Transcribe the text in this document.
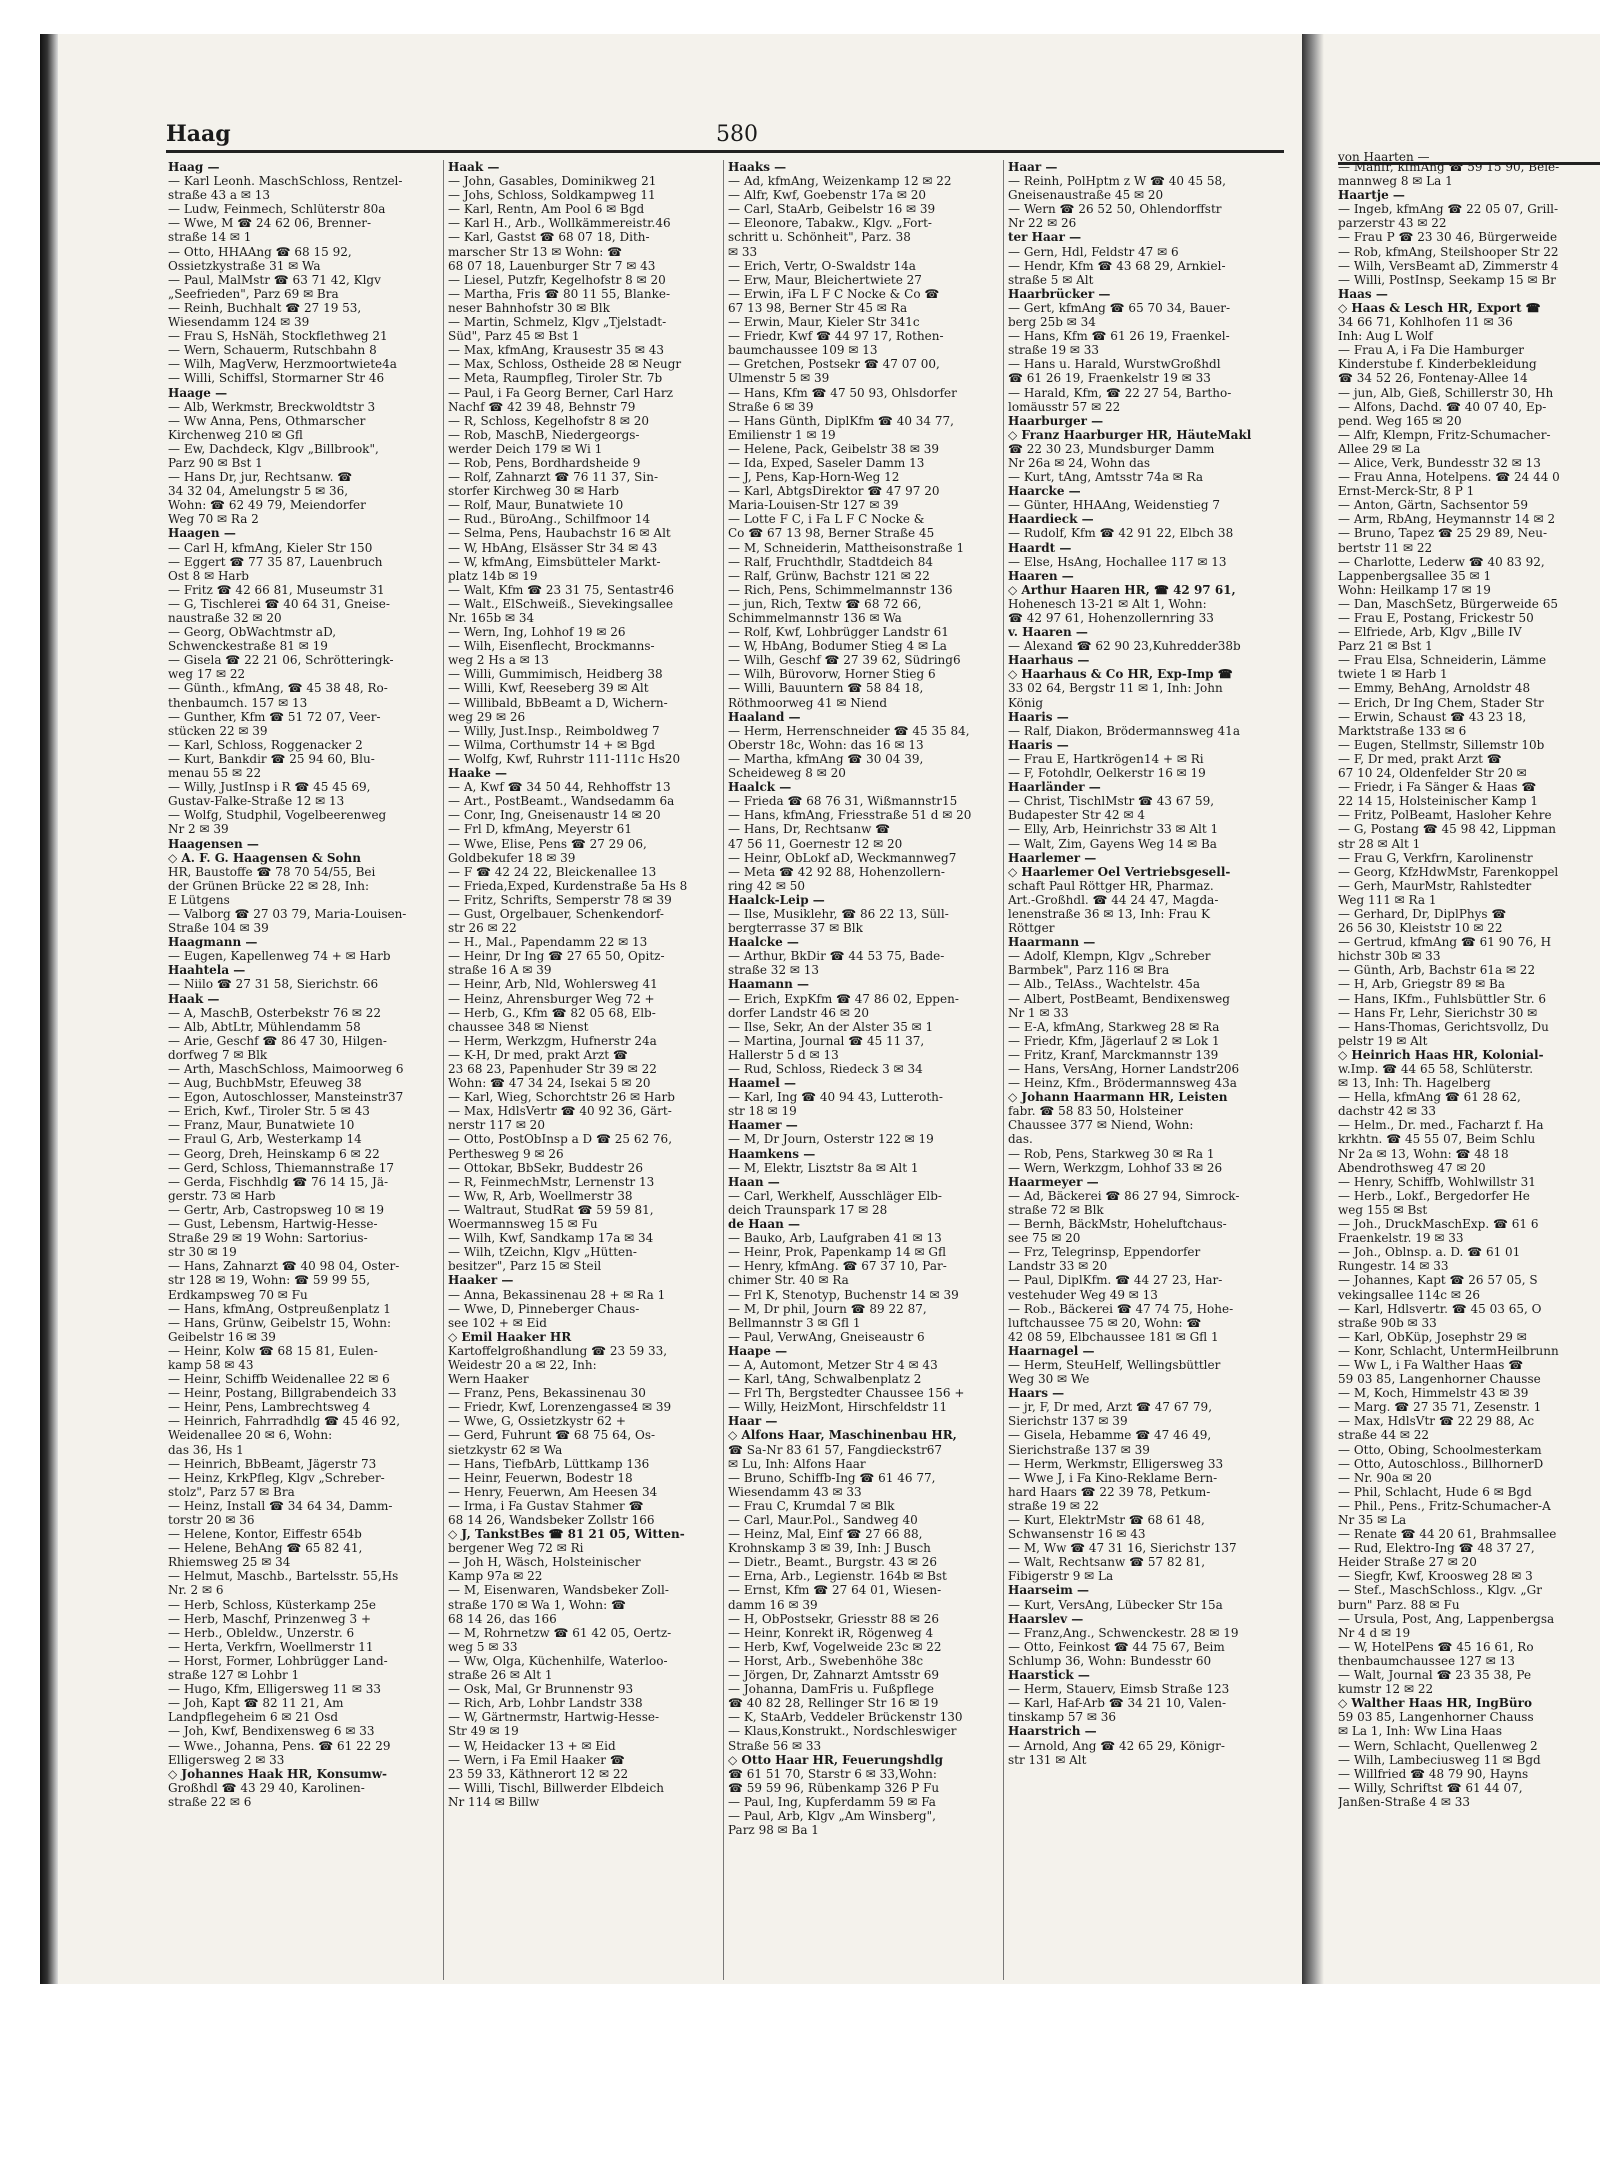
Haag	580
Haag —
— Karl Leonh. MaschSchloss, Rentzel-
straße 43 a ✉ 13
— Ludw, Feinmech, Schlüterstr 80a
— Wwe, M ☎ 24 62 06, Brenner-
straße 14 ✉ 1
— Otto, HHAAng ☎ 68 15 92,
Ossietzkystraße 31 ✉ Wa
— Paul, MalMstr ☎ 63 71 42, Klgv
„Seefrieden", Parz 69 ✉ Bra
— Reinh, Buchhalt ☎ 27 19 53,
Wiesendamm 124 ✉ 39
— Frau S, HsNäh, Stockflethweg 21
— Wern, Schauerm, Rutschbahn 8
— Wilh, MagVerw, Herzmoortwiete4a
— Willi, Schiffsl, Stormarner Str 46
Haage —
— Alb, Werkmstr, Breckwoldtstr 3
— Ww Anna, Pens, Othmarscher
Kirchenweg 210 ✉ Gfl
— Ew, Dachdeck, Klgv „Billbrook",
Parz 90 ✉ Bst 1
— Hans Dr, jur, Rechtsanw. ☎
34 32 04, Amelungstr 5 ✉ 36,
Wohn: ☎ 62 49 79, Meiendorfer
Weg 70 ✉ Ra 2
Haagen —
— Carl H, kfmAng, Kieler Str 150
— Eggert ☎ 77 35 87, Lauenbruch
Ost 8 ✉ Harb
— Fritz ☎ 42 66 81, Museumstr 31
— G, Tischlerei ☎ 40 64 31, Gneise-
naustraße 32 ✉ 20
— Georg, ObWachtmstr aD,
Schwenckestraße 81 ✉ 19
— Gisela ☎ 22 21 06, Schrötteringk-
weg 17 ✉ 22
— Günth., kfmAng, ☎ 45 38 48, Ro-
thenbaumch. 157 ✉ 13
— Gunther, Kfm ☎ 51 72 07, Veer-
stücken 22 ✉ 39
— Karl, Schloss, Roggenacker 2
— Kurt, Bankdir ☎ 25 94 60, Blu-
menau 55 ✉ 22
— Willy, JustInsp i R ☎ 45 45 69,
Gustav-Falke-Straße 12 ✉ 13
— Wolfg, Studphil, Vogelbeerenweg
Nr 2 ✉ 39
Haagensen —
◇ A. F. G. Haagensen & Sohn
HR, Baustoffe ☎ 78 70 54/55, Bei
der Grünen Brücke 22 ✉ 28, Inh:
E Lütgens
— Valborg ☎ 27 03 79, Maria-Louisen-
Straße 104 ✉ 39
Haagmann —
— Eugen, Kapellenweg 74 + ✉ Harb
Haahtela —
— Niilo ☎ 27 31 58, Sierichstr. 66
Haak —
— A, MaschB, Osterbekstr 76 ✉ 22
— Alb, AbtLtr, Mühlendamm 58
— Arie, Geschf ☎ 86 47 30, Hilgen-
dorfweg 7 ✉ Blk
— Arth, MaschSchloss, Maimoorweg 6
— Aug, BuchbMstr, Efeuweg 38
— Egon, Autoschlosser, Mansteinstr37
— Erich, Kwf., Tiroler Str. 5 ✉ 43
— Franz, Maur, Bunatwiete 10
— Fraul G, Arb, Westerkamp 14
— Georg, Dreh, Heinskamp 6 ✉ 22
— Gerd, Schloss, Thiemannstraße 17
— Gerda, Fischhdlg ☎ 76 14 15, Jä-
gerstr. 73 ✉ Harb
— Gertr, Arb, Castropsweg 10 ✉ 19
— Gust, Lebensm, Hartwig-Hesse-
Straße 29 ✉ 19 Wohn: Sartorius-
str 30 ✉ 19
— Hans, Zahnarzt ☎ 40 98 04, Oster-
str 128 ✉ 19, Wohn: ☎ 59 99 55,
Erdkampsweg 70 ✉ Fu
— Hans, kfmAng, Ostpreußenplatz 1
— Hans, Grünw, Geibelstr 15, Wohn:
Geibelstr 16 ✉ 39
— Heinr, Kolw ☎ 68 15 81, Eulen-
kamp 58 ✉ 43
— Heinr, Schiffb Weidenallee 22 ✉ 6
— Heinr, Postang, Billgrabendeich 33
— Heinr, Pens, Lambrechtsweg 4
— Heinrich, Fahrradhdlg ☎ 45 46 92,
Weidenallee 20 ✉ 6, Wohn:
das 36, Hs 1
— Heinrich, BbBeamt, Jägerstr 73
— Heinz, KrkPfleg, Klgv „Schreber-
stolz", Parz 57 ✉ Bra
— Heinz, Install ☎ 34 64 34, Damm-
torstr 20 ✉ 36
— Helene, Kontor, Eiffestr 654b
— Helene, BehAng ☎ 65 82 41,
Rhiemsweg 25 ✉ 34
— Helmut, Maschb., Bartelsstr. 55,Hs
Nr. 2 ✉ 6
— Herb, Schloss, Küsterkamp 25e
— Herb, Maschf, Prinzenweg 3 +
— Herb., Obleldw., Unzerstr. 6
— Herta, Verkfrn, Woellmerstr 11
— Horst, Former, Lohbrügger Land-
straße 127 ✉ Lohbr 1
— Hugo, Kfm, Elligersweg 11 ✉ 33
— Joh, Kapt ☎ 82 11 21, Am
Landpflegeheim 6 ✉ 21 Osd
— Joh, Kwf, Bendixensweg 6 ✉ 33
— Wwe., Johanna, Pens. ☎ 61 22 29
Elligersweg 2 ✉ 33
◇ Johannes Haak HR, Konsumw-
Großhdl ☎ 43 29 40, Karolinen-
straße 22 ✉ 6
Haak —
— John, Gasables, Dominikweg 21
— Johs, Schloss, Soldkampweg 11
— Karl, Rentn, Am Pool 6 ✉ Bgd
— Karl H., Arb., Wollkämmereistr.46
— Karl, Gastst ☎ 68 07 18, Dith-
marscher Str 13 ✉ Wohn: ☎
68 07 18, Lauenburger Str 7 ✉ 43
— Liesel, Putzfr, Kegelhofstr 8 ✉ 20
— Martha, Fris ☎ 80 11 55, Blanke-
neser Bahnhofstr 30 ✉ Blk
— Martin, Schmelz, Klgv „Tjelstadt-
Süd", Parz 45 ✉ Bst 1
— Max, kfmAng, Krausestr 35 ✉ 43
— Max, Schloss, Ostheide 28 ✉ Neugr
— Meta, Raumpfleg, Tiroler Str. 7b
— Paul, i Fa Georg Berner, Carl Harz
Nachf ☎ 42 39 48, Behnstr 79
— R, Schloss, Kegelhofstr 8 ✉ 20
— Rob, MaschB, Niedergeorgs-
werder Deich 179 ✉ Wi 1
— Rob, Pens, Bordhardsheide 9
— Rolf, Zahnarzt ☎ 76 11 37, Sin-
storfer Kirchweg 30 ✉ Harb
— Rolf, Maur, Bunatwiete 10
— Rud., BüroAng., Schilfmoor 14
— Selma, Pens, Haubachstr 16 ✉ Alt
— W, HbAng, Elsässer Str 34 ✉ 43
— W, kfmAng, Eimsbütteler Markt-
platz 14b ✉ 19
— Walt, Kfm ☎ 23 31 75, Sentastr46
— Walt., ElSchweiß., Sievekingsallee
Nr. 165b ✉ 34
— Wern, Ing, Lohhof 19 ✉ 26
— Wilh, Eisenflecht, Brockmanns-
weg 2 Hs a ✉ 13
— Willi, Gummimisch, Heidberg 38
— Willi, Kwf, Reeseberg 39 ✉ Alt
— Willibald, BbBeamt a D, Wichern-
weg 29 ✉ 26
— Willy, Just.Insp., Reimboldweg 7
— Wilma, Corthumstr 14 + ✉ Bgd
— Wolfg, Kwf, Ruhrstr 111-111c Hs20
Haake —
— A, Kwf ☎ 34 50 44, Rehhoffstr 13
— Art., PostBeamt., Wandsedamm 6a
— Conr, Ing, Gneisenaustr 14 ✉ 20
— Frl D, kfmAng, Meyerstr 61
— Wwe, Elise, Pens ☎ 27 29 06,
Goldbekufer 18 ✉ 39
— F ☎ 42 24 22, Bleickenallee 13
— Frieda,Exped, Kurdenstraße 5a Hs 8
— Fritz, Schrifts, Semperstr 78 ✉ 39
— Gust, Orgelbauer, Schenkendorf-
str 26 ✉ 22
— H., Mal., Papendamm 22 ✉ 13
— Heinr, Dr Ing ☎ 27 65 50, Opitz-
straße 16 A ✉ 39
— Heinr, Arb, Nld, Wohlersweg 41
— Heinz, Ahrensburger Weg 72 +
— Herb, G., Kfm ☎ 82 05 68, Elb-
chaussee 348 ✉ Nienst
— Herm, Werkzgm, Hufnerstr 24a
— K-H, Dr med, prakt Arzt ☎
23 68 23, Papenhuder Str 39 ✉ 22
Wohn: ☎ 47 34 24, Isekai 5 ✉ 20
— Karl, Wieg, Schorchtstr 26 ✉ Harb
— Max, HdlsVertr ☎ 40 92 36, Gärt-
nerstr 117 ✉ 20
— Otto, PostObInsp a D ☎ 25 62 76,
Perthesweg 9 ✉ 26
— Ottokar, BbSekr, Buddestr 26
— R, FeinmechMstr, Lernenstr 13
— Ww, R, Arb, Woellmerstr 38
— Waltraut, StudRat ☎ 59 59 81,
Woermannsweg 15 ✉ Fu
— Wilh, Kwf, Sandkamp 17a ✉ 34
— Wilh, tZeichn, Klgv „Hütten-
besitzer", Parz 15 ✉ Steil
Haaker —
— Anna, Bekassinenau 28 + ✉ Ra 1
— Wwe, D, Pinneberger Chaus-
see 102 + ✉ Eid
◇ Emil Haaker HR
Kartoffelgroßhandlung ☎ 23 59 33,
Weidestr 20 a ✉ 22, Inh:
Wern Haaker
— Franz, Pens, Bekassinenau 30
— Friedr, Kwf, Lorenzengasse4 ✉ 39
— Wwe, G, Ossietzkystr 62 +
— Gerd, Fuhrunt ☎ 68 75 64, Os-
sietzkystr 62 ✉ Wa
— Hans, TiefbArb, Lüttkamp 136
— Heinr, Feuerwn, Bodestr 18
— Henry, Feuerwn, Am Heesen 34
— Irma, i Fa Gustav Stahmer ☎
68 14 26, Wandsbeker Zollstr 166
◇ J, TankstBes ☎ 81 21 05, Witten-
bergener Weg 72 ✉ Ri
— Joh H, Wäsch, Holsteinischer
Kamp 97a ✉ 22
— M, Eisenwaren, Wandsbeker Zoll-
straße 170 ✉ Wa 1, Wohn: ☎
68 14 26, das 166
— M, Rohrnetzw ☎ 61 42 05, Oertz-
weg 5 ✉ 33
— Ww, Olga, Küchenhilfe, Waterloo-
straße 26 ✉ Alt 1
— Osk, Mal, Gr Brunnenstr 93
— Rich, Arb, Lohbr Landstr 338
— W, Gärtnermstr, Hartwig-Hesse-
Str 49 ✉ 19
— W, Heidacker 13 + ✉ Eid
— Wern, i Fa Emil Haaker ☎
23 59 33, Käthnerort 12 ✉ 22
— Willi, Tischl, Billwerder Elbdeich
Nr 114 ✉ Billw
Haaks —
— Ad, kfmAng, Weizenkamp 12 ✉ 22
— Alfr, Kwf, Goebenstr 17a ✉ 20
— Carl, StaArb, Geibelstr 16 ✉ 39
— Eleonore, Tabakw., Klgv. „Fort-
schritt u. Schönheit", Parz. 38
✉ 33
— Erich, Vertr, O-Swaldstr 14a
— Erw, Maur, Bleichertwiete 27
— Erwin, iFa L F C Nocke & Co ☎
67 13 98, Berner Str 45 ✉ Ra
— Erwin, Maur, Kieler Str 341c
— Friedr, Kwf ☎ 44 97 17, Rothen-
baumchaussee 109 ✉ 13
— Gretchen, Postsekr ☎ 47 07 00,
Ulmenstr 5 ✉ 39
— Hans, Kfm ☎ 47 50 93, Ohlsdorfer
Straße 6 ✉ 39
— Hans Günth, DiplKfm ☎ 40 34 77,
Emilienstr 1 ✉ 19
— Helene, Pack, Geibelstr 38 ✉ 39
— Ida, Exped, Saseler Damm 13
— J, Pens, Kap-Horn-Weg 12
— Karl, AbtgsDirektor ☎ 47 97 20
Maria-Louisen-Str 127 ✉ 39
— Lotte F C, i Fa L F C Nocke &
Co ☎ 67 13 98, Berner Straße 45
— M, Schneiderin, Mattheisonstraße 1
— Ralf, Fruchthdlr, Stadtdeich 84
— Ralf, Grünw, Bachstr 121 ✉ 22
— Rich, Pens, Schimmelmannstr 136
— jun, Rich, Textw ☎ 68 72 66,
Schimmelmannstr 136 ✉ Wa
— Rolf, Kwf, Lohbrügger Landstr 61
— W, HbAng, Bodumer Stieg 4 ✉ La
— Wilh, Geschf ☎ 27 39 62, Südring6
— Wilh, Bürovorw, Horner Stieg 6
— Willi, Bauuntern ☎ 58 84 18,
Röthmoorweg 41 ✉ Niend
Haaland —
— Herm, Herrenschneider ☎ 45 35 84,
Oberstr 18c, Wohn: das 16 ✉ 13
— Martha, kfmAng ☎ 30 04 39,
Scheideweg 8 ✉ 20
Haalck —
— Frieda ☎ 68 76 31, Wißmannstr15
— Hans, kfmAng, Friesstraße 51 d ✉ 20
— Hans, Dr, Rechtsanw ☎
47 56 11, Goernestr 12 ✉ 20
— Heinr, ObLokf aD, Weckmannweg7
— Meta ☎ 42 92 88, Hohenzollern-
ring 42 ✉ 50
Haalck-Leip —
— Ilse, Musiklehr, ☎ 86 22 13, Süll-
bergterrasse 37 ✉ Blk
Haalcke —
— Arthur, BkDir ☎ 44 53 75, Bade-
straße 32 ✉ 13
Haamann —
— Erich, ExpKfm ☎ 47 86 02, Eppen-
dorfer Landstr 46 ✉ 20
— Ilse, Sekr, An der Alster 35 ✉ 1
— Martina, Journal ☎ 45 11 37,
Hallerstr 5 d ✉ 13
— Rud, Schloss, Riedeck 3 ✉ 34
Haamel —
— Karl, Ing ☎ 40 94 43, Lutteroth-
str 18 ✉ 19
Haamer —
— M, Dr Journ, Osterstr 122 ✉ 19
Haamkens —
— M, Elektr, Lisztstr 8a ✉ Alt 1
Haan —
— Carl, Werkhelf, Ausschläger Elb-
deich Traunspark 17 ✉ 28
de Haan —
— Bauko, Arb, Laufgraben 41 ✉ 13
— Heinr, Prok, Papenkamp 14 ✉ Gfl
— Henry, kfmAng. ☎ 67 37 10, Par-
chimer Str. 40 ✉ Ra
— Frl K, Stenotyp, Buchenstr 14 ✉ 39
— M, Dr phil, Journ ☎ 89 22 87,
Bellmannstr 3 ✉ Gfl 1
— Paul, VerwAng, Gneiseaustr 6
Haape —
— A, Automont, Metzer Str 4 ✉ 43
— Karl, tAng, Schwalbenplatz 2
— Frl Th, Bergstedter Chaussee 156 +
— Willy, HeizMont, Hirschfeldstr 11
Haar —
◇ Alfons Haar, Maschinenbau HR,
☎ Sa-Nr 83 61 57, Fangdieckstr67
✉ Lu, Inh: Alfons Haar
— Bruno, Schiffb-Ing ☎ 61 46 77,
Wiesendamm 43 ✉ 33
— Frau C, Krumdal 7 ✉ Blk
— Carl, Maur.Pol., Sandweg 40
— Heinz, Mal, Einf ☎ 27 66 88,
Krohnskamp 3 ✉ 39, Inh: J Busch
— Dietr., Beamt., Burgstr. 43 ✉ 26
— Erna, Arb., Legienstr. 164b ✉ Bst
— Ernst, Kfm ☎ 27 64 01, Wiesen-
damm 16 ✉ 39
— H, ObPostsekr, Griesstr 88 ✉ 26
— Heinr, Konrekt iR, Rögenweg 4
— Herb, Kwf, Vogelweide 23c ✉ 22
— Horst, Arb., Swebenhöhe 38c
— Jörgen, Dr, Zahnarzt Amtsstr 69
— Johanna, DamFris u. Fußpflege
☎ 40 82 28, Rellinger Str 16 ✉ 19
— K, StaArb, Veddeler Brückenstr 130
— Klaus,Konstrukt., Nordschleswiger
Straße 56 ✉ 33
◇ Otto Haar HR, Feuerungshdlg
☎ 61 51 70, Starstr 6 ✉ 33,Wohn:
☎ 59 59 96, Rübenkamp 326 P Fu
— Paul, Ing, Kupferdamm 59 ✉ Fa
— Paul, Arb, Klgv „Am Winsberg",
Parz 98 ✉ Ba 1
Haar —
— Reinh, PolHptm z W ☎ 40 45 58,
Gneisenaustraße 45 ✉ 20
— Wern ☎ 26 52 50, Ohlendorffstr
Nr 22 ✉ 26
ter Haar —
— Gern, Hdl, Feldstr 47 ✉ 6
— Hendr, Kfm ☎ 43 68 29, Arnkiel-
straße 5 ✉ Alt
Haarbrücker —
— Gert, kfmAng ☎ 65 70 34, Bauer-
berg 25b ✉ 34
— Hans, Kfm ☎ 61 26 19, Fraenkel-
straße 19 ✉ 33
— Hans u. Harald, WurstwGroßhdl
☎ 61 26 19, Fraenkelstr 19 ✉ 33
— Harald, Kfm, ☎ 22 27 54, Bartho-
lomäusstr 57 ✉ 22
Haarburger —
◇ Franz Haarburger HR, HäuteMakl
☎ 22 30 23, Mundsburger Damm
Nr 26a ✉ 24, Wohn das
— Kurt, tAng, Amtsstr 74a ✉ Ra
Haarcke —
— Günter, HHAAng, Weidenstieg 7
Haardieck —
— Rudolf, Kfm ☎ 42 91 22, Elbch 38
Haardt —
— Else, HsAng, Hochallee 117 ✉ 13
Haaren —
◇ Arthur Haaren HR, ☎ 42 97 61,
Hohenesch 13-21 ✉ Alt 1, Wohn:
☎ 42 97 61, Hohenzollernring 33
v. Haaren —
— Alexand ☎ 62 90 23,Kuhredder38b
Haarhaus —
◇ Haarhaus & Co HR, Exp-Imp ☎
33 02 64, Bergstr 11 ✉ 1, Inh: John
König
Haaris —
— Ralf, Diakon, Brödermannsweg 41a
Haaris —
— Frau E, Hartkrögen14 + ✉ Ri
— F, Fotohdlr, Oelkerstr 16 ✉ 19
Haarländer —
— Christ, TischlMstr ☎ 43 67 59,
Budapester Str 42 ✉ 4
— Elly, Arb, Heinrichstr 33 ✉ Alt 1
— Walt, Zim, Gayens Weg 14 ✉ Ba
Haarlemer —
◇ Haarlemer Oel Vertriebsgesell-
schaft Paul Röttger HR, Pharmaz.
Art.-Großhdl. ☎ 44 24 47, Magda-
lenenstraße 36 ✉ 13, Inh: Frau K
Röttger
Haarmann —
— Adolf, Klempn, Klgv „Schreber
Barmbek", Parz 116 ✉ Bra
— Alb., TelAss., Wachtelstr. 45a
— Albert, PostBeamt, Bendixensweg
Nr 1 ✉ 33
— E-A, kfmAng, Starkweg 28 ✉ Ra
— Friedr, Kfm, Jägerlauf 2 ✉ Lok 1
— Fritz, Kranf, Marckmannstr 139
— Hans, VersAng, Horner Landstr206
— Heinz, Kfm., Brödermannsweg 43a
◇ Johann Haarmann HR, Leisten
fabr. ☎ 58 83 50, Holsteiner
Chaussee 377 ✉ Niend, Wohn:
das.
— Rob, Pens, Starkweg 30 ✉ Ra 1
— Wern, Werkzgm, Lohhof 33 ✉ 26
Haarmeyer —
— Ad, Bäckerei ☎ 86 27 94, Simrock-
straße 72 ✉ Blk
— Bernh, BäckMstr, Hoheluftchaus-
see 75 ✉ 20
— Frz, Telegrinsp, Eppendorfer
Landstr 33 ✉ 20
— Paul, DiplKfm. ☎ 44 27 23, Har-
vestehuder Weg 49 ✉ 13
— Rob., Bäckerei ☎ 47 74 75, Hohe-
luftchaussee 75 ✉ 20, Wohn: ☎
42 08 59, Elbchaussee 181 ✉ Gfl 1
Haarnagel —
— Herm, SteuHelf, Wellingsbüttler
Weg 30 ✉ We
Haars —
— jr, F, Dr med, Arzt ☎ 47 67 79,
Sierichstr 137 ✉ 39
— Gisela, Hebamme ☎ 47 46 49,
Sierichstraße 137 ✉ 39
— Herm, Werkmstr, Elligersweg 33
— Wwe J, i Fa Kino-Reklame Bern-
hard Haars ☎ 22 39 78, Petkum-
straße 19 ✉ 22
— Kurt, ElektrMstr ☎ 68 61 48,
Schwansenstr 16 ✉ 43
— M, Ww ☎ 47 31 16, Sierichstr 137
— Walt, Rechtsanw ☎ 57 82 81,
Fibigerstr 9 ✉ La
Haarseim —
— Kurt, VersAng, Lübecker Str 15a
Haarslev —
— Franz,Ang., Schwenckestr. 28 ✉ 19
— Otto, Feinkost ☎ 44 75 67, Beim
Schlump 36, Wohn: Bundesstr 60
Haarstick —
— Herm, Stauerv, Eimsb Straße 123
— Karl, Haf-Arb ☎ 34 21 10, Valen-
tinskamp 57 ✉ 36
Haarstrich —
— Arnold, Ang ☎ 42 65 29, Königr-
str 131 ✉ Alt
von Haarten —
— Manfr, kfmAng ☎ 59 15 90, Bele-
mannweg 8 ✉ La 1
Haartje —
— Ingeb, kfmAng ☎ 22 05 07, Grill-
parzerstr 43 ✉ 22
— Frau P ☎ 23 30 46, Bürgerweide
— Rob, kfmAng, Steilshooper Str 22
— Wilh, VersBeamt aD, Zimmerstr 4
— Willi, PostInsp, Seekamp 15 ✉ Br
Haas —
◇ Haas & Lesch HR, Export ☎
34 66 71, Kohlhofen 11 ✉ 36
Inh: Aug L Wolf
— Frau A, i Fa Die Hamburger
Kinderstube f. Kinderbekleidung
☎ 34 52 26, Fontenay-Allee 14
— jun, Alb, Gieß, Schillerstr 30, Hh
— Alfons, Dachd. ☎ 40 07 40, Ep-
pend. Weg 165 ✉ 20
— Alfr, Klempn, Fritz-Schumacher-
Allee 29 ✉ La
— Alice, Verk, Bundesstr 32 ✉ 13
— Frau Anna, Hotelpens. ☎ 24 44 0
Ernst-Merck-Str, 8 P 1
— Anton, Gärtn, Sachsentor 59
— Arm, RbAng, Heymannstr 14 ✉ 2
— Bruno, Tapez ☎ 25 29 89, Neu-
bertstr 11 ✉ 22
— Charlotte, Lederw ☎ 40 83 92,
Lappenbergsallee 35 ✉ 1
Wohn: Heilkamp 17 ✉ 19
— Dan, MaschSetz, Bürgerweide 65
— Frau E, Postang, Frickestr 50
— Elfriede, Arb, Klgv „Bille IV
Parz 21 ✉ Bst 1
— Frau Elsa, Schneiderin, Lämme
twiete 1 ✉ Harb 1
— Emmy, BehAng, Arnoldstr 48
— Erich, Dr Ing Chem, Stader Str
— Erwin, Schaust ☎ 43 23 18,
Marktstraße 133 ✉ 6
— Eugen, Stellmstr, Sillemstr 10b
— F, Dr med, prakt Arzt ☎
67 10 24, Oldenfelder Str 20 ✉
— Friedr, i Fa Sänger & Haas ☎
22 14 15, Holsteinischer Kamp 1
— Fritz, PolBeamt, Hasloher Kehre
— G, Postang ☎ 45 98 42, Lippman
str 28 ✉ Alt 1
— Frau G, Verkfrn, Karolinenstr
— Georg, KfzHdwMstr, Farenkoppel
— Gerh, MaurMstr, Rahlstedter
Weg 111 ✉ Ra 1
— Gerhard, Dr, DiplPhys ☎
26 56 30, Kleiststr 10 ✉ 22
— Gertrud, kfmAng ☎ 61 90 76, H
hichstr 30b ✉ 33
— Günth, Arb, Bachstr 61a ✉ 22
— H, Arb, Griegstr 89 ✉ Ba
— Hans, IKfm., Fuhlsbüttler Str. 6
— Hans Fr, Lehr, Sierichstr 30 ✉
— Hans-Thomas, Gerichtsvollz, Du
pelstr 19 ✉ Alt
◇ Heinrich Haas HR, Kolonial-
w.Imp. ☎ 44 65 58, Schlüterstr.
✉ 13, Inh: Th. Hagelberg
— Hella, kfmAng ☎ 61 28 62,
dachstr 42 ✉ 33
— Helm., Dr. med., Facharzt f. Ha
krkhtn. ☎ 45 55 07, Beim Schlu
Nr 2a ✉ 13, Wohn: ☎ 48 18
Abendrothsweg 47 ✉ 20
— Henry, Schiffb, Wohlwillstr 31
— Herb., Lokf., Bergedorfer He
weg 155 ✉ Bst
— Joh., DruckMaschExp. ☎ 61 6
Fraenkelstr. 19 ✉ 33
— Joh., Oblnsp. a. D. ☎ 61 01
Rungestr. 14 ✉ 33
— Johannes, Kapt ☎ 26 57 05, S
vekingsallee 114c ✉ 26
— Karl, Hdlsvertr. ☎ 45 03 65, O
straße 90b ✉ 33
— Karl, ObKüp, Josephstr 29 ✉
— Konr, Schlacht, UntermHeilbrunn
— Ww L, i Fa Walther Haas ☎
59 03 85, Langenhorner Chausse
— M, Koch, Himmelstr 43 ✉ 39
— Marg. ☎ 27 35 71, Zesenstr. 1
— Max, HdlsVtr ☎ 22 29 88, Ac
straße 44 ✉ 22
— Otto, Obing, Schoolmesterkam
— Otto, Autoschloss., BillhornerD
— Nr. 90a ✉ 20
— Phil, Schlacht, Hude 6 ✉ Bgd
— Phil., Pens., Fritz-Schumacher-A
Nr 35 ✉ La
— Renate ☎ 44 20 61, Brahmsallee
— Rud, Elektro-Ing ☎ 48 37 27,
Heider Straße 27 ✉ 20
— Siegfr, Kwf, Kroosweg 28 ✉ 3
— Stef., MaschSchloss., Klgv. „Gr
burn" Parz. 88 ✉ Fu
— Ursula, Post, Ang, Lappenbergsa
Nr 4 d ✉ 19
— W, HotelPens ☎ 45 16 61, Ro
thenbaumchaussee 127 ✉ 13
— Walt, Journal ☎ 23 35 38, Pe
kumstr 12 ✉ 22
◇ Walther Haas HR, IngBüro
59 03 85, Langenhorner Chauss
✉ La 1, Inh: Ww Lina Haas
— Wern, Schlacht, Quellenweg 2
— Wilh, Lambeciusweg 11 ✉ Bgd
— Willfried ☎ 48 79 90, Hayns
— Willy, Schriftst ☎ 61 44 07,
Janßen-Straße 4 ✉ 33
